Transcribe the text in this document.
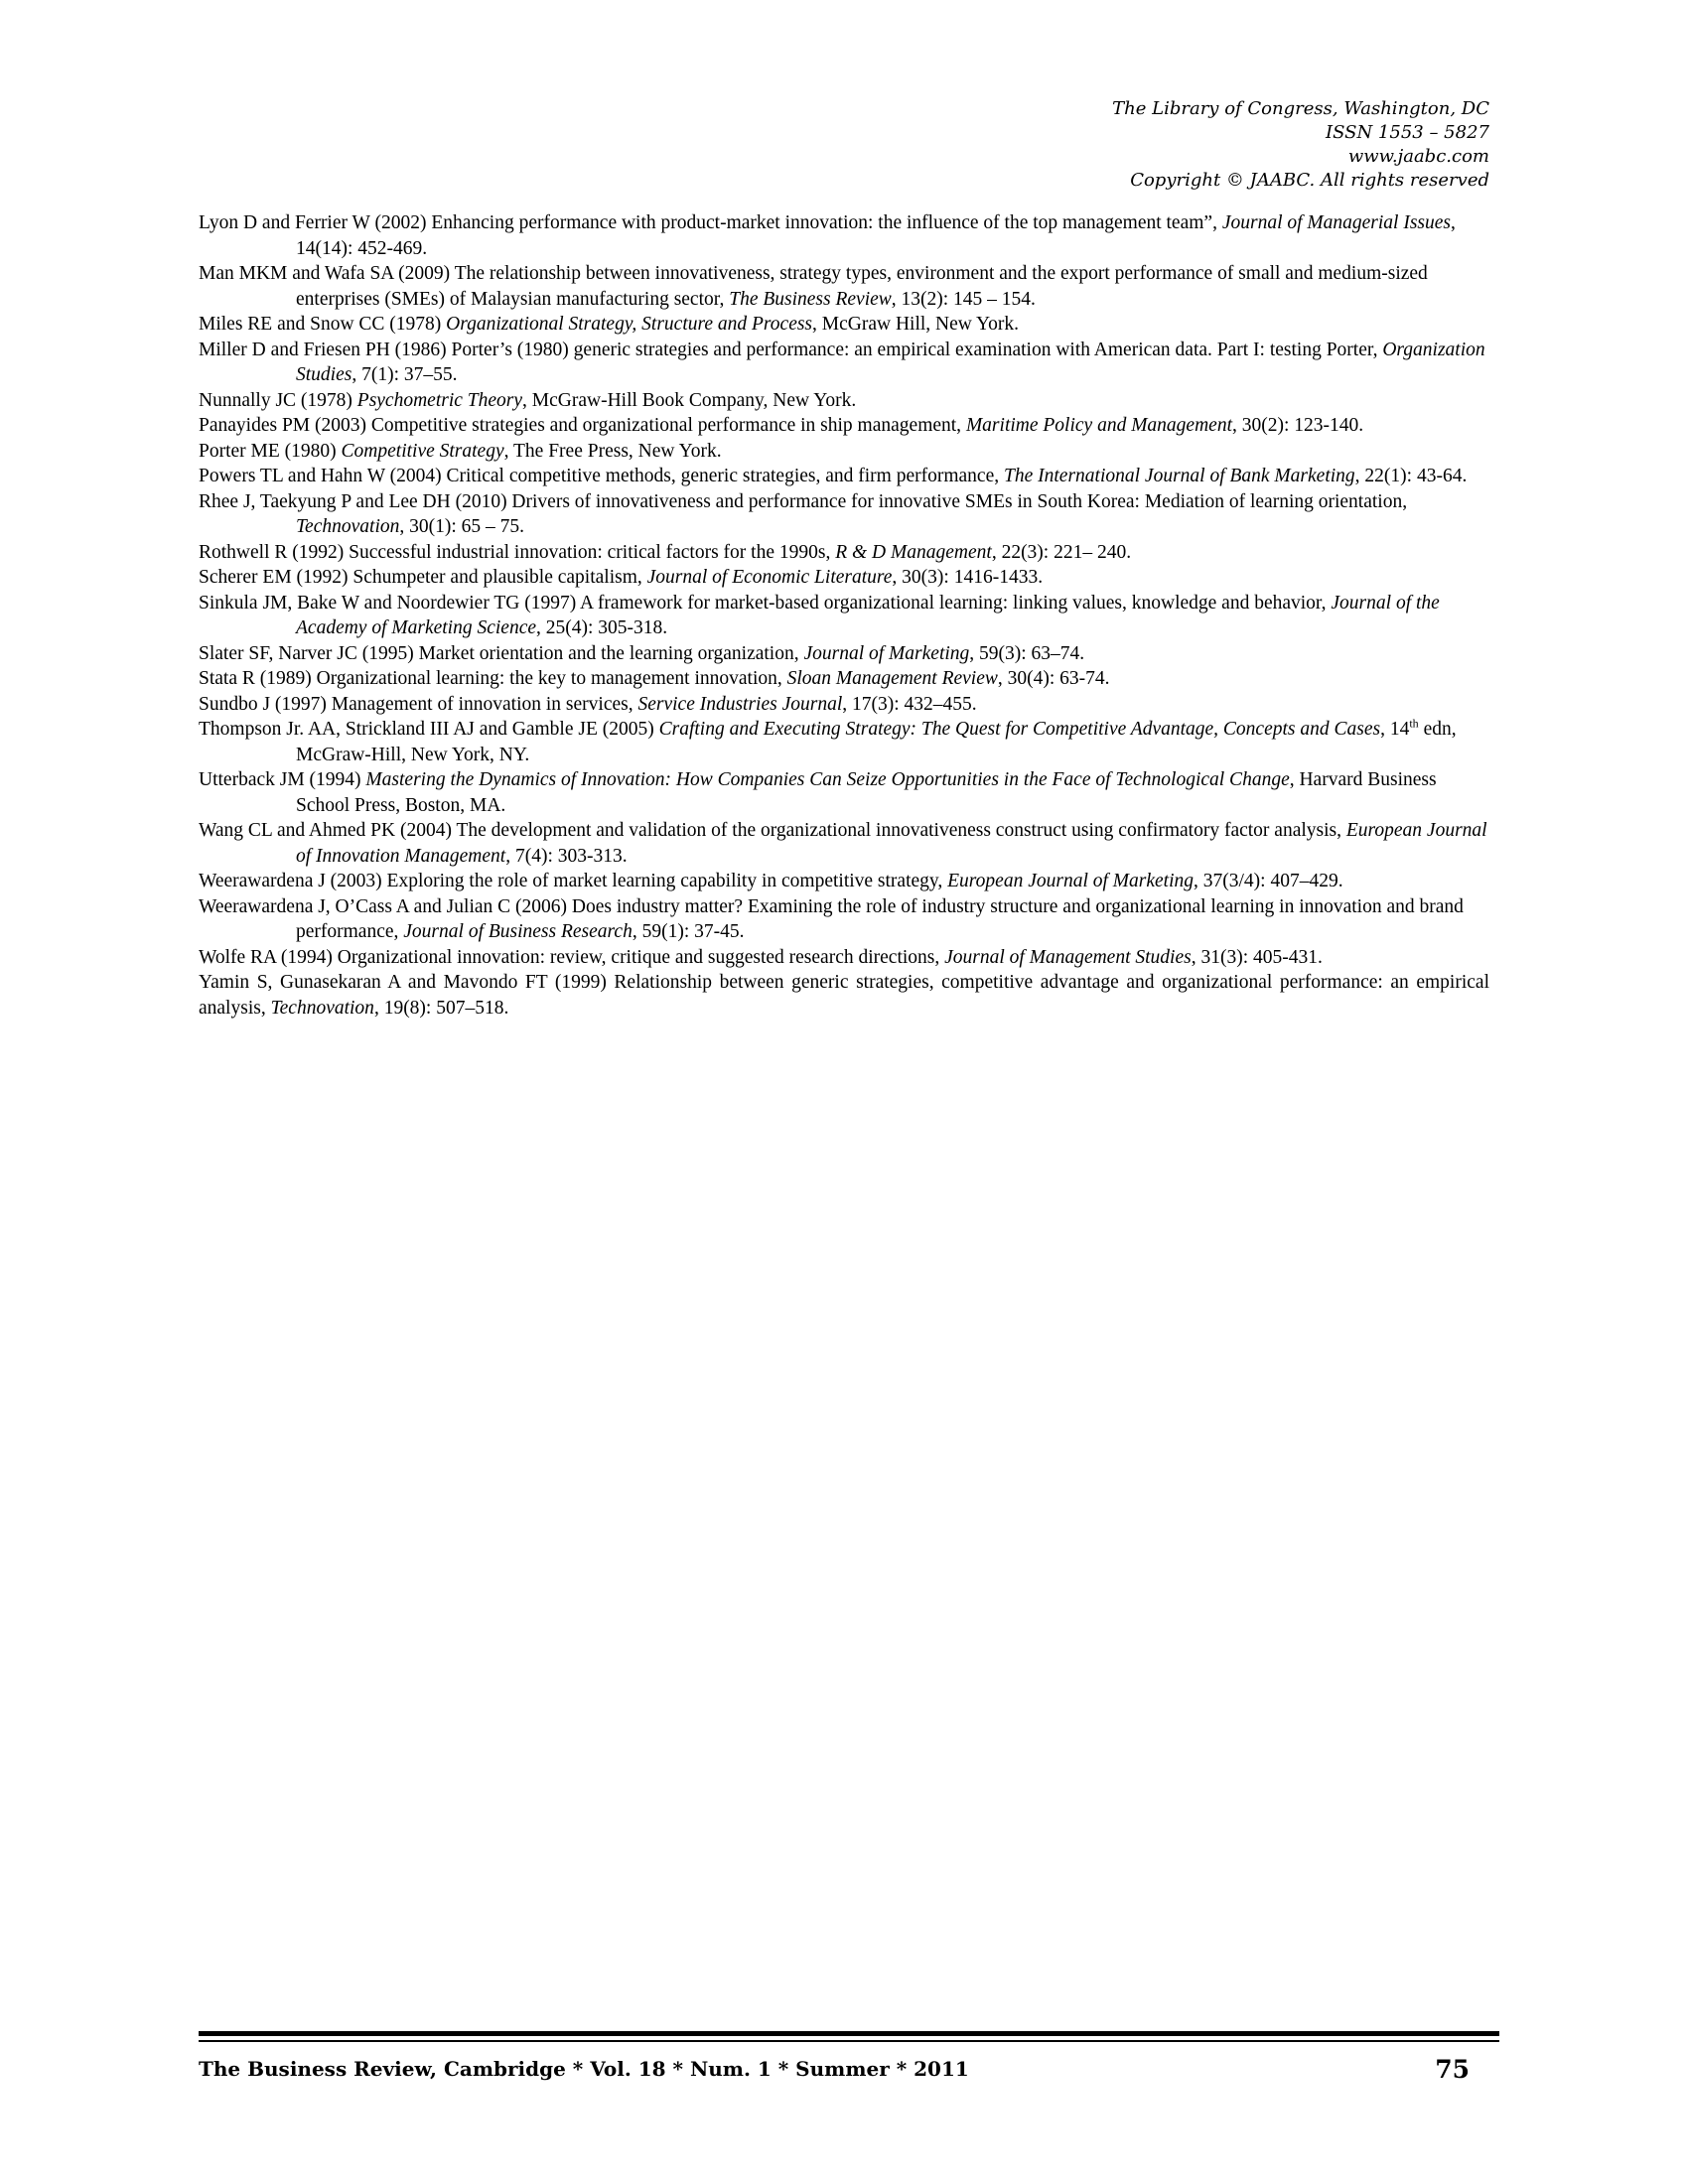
The Library of Congress, Washington, DC
ISSN 1553 – 5827
www.jaabc.com
Copyright © JAABC. All rights reserved
Lyon D and Ferrier W (2002) Enhancing performance with product-market innovation: the influence of the top management team”, Journal of Managerial Issues, 14(14): 452-469.
Man MKM and Wafa SA (2009) The relationship between innovativeness, strategy types, environment and the export performance of small and medium-sized enterprises (SMEs) of Malaysian manufacturing sector, The Business Review, 13(2): 145 – 154.
Miles RE and Snow CC (1978) Organizational Strategy, Structure and Process, McGraw Hill, New York.
Miller D and Friesen PH (1986) Porter’s (1980) generic strategies and performance: an empirical examination with American data. Part I: testing Porter, Organization Studies, 7(1): 37–55.
Nunnally JC (1978) Psychometric Theory, McGraw-Hill Book Company, New York.
Panayides PM (2003) Competitive strategies and organizational performance in ship management, Maritime Policy and Management, 30(2): 123-140.
Porter ME (1980) Competitive Strategy, The Free Press, New York.
Powers TL and Hahn W (2004) Critical competitive methods, generic strategies, and firm performance, The International Journal of Bank Marketing, 22(1): 43-64.
Rhee J, Taekyung P and Lee DH (2010) Drivers of innovativeness and performance for innovative SMEs in South Korea: Mediation of learning orientation, Technovation, 30(1): 65 – 75.
Rothwell R (1992) Successful industrial innovation: critical factors for the 1990s, R & D Management, 22(3): 221– 240.
Scherer EM (1992) Schumpeter and plausible capitalism, Journal of Economic Literature, 30(3): 1416-1433.
Sinkula JM, Bake W and Noordewier TG (1997) A framework for market-based organizational learning: linking values, knowledge and behavior, Journal of the Academy of Marketing Science, 25(4): 305-318.
Slater SF, Narver JC (1995) Market orientation and the learning organization, Journal of Marketing, 59(3): 63–74.
Stata R (1989) Organizational learning: the key to management innovation, Sloan Management Review, 30(4): 63-74.
Sundbo J (1997) Management of innovation in services, Service Industries Journal, 17(3): 432–455.
Thompson Jr. AA, Strickland III AJ and Gamble JE (2005) Crafting and Executing Strategy: The Quest for Competitive Advantage, Concepts and Cases, 14th edn, McGraw-Hill, New York, NY.
Utterback JM (1994) Mastering the Dynamics of Innovation: How Companies Can Seize Opportunities in the Face of Technological Change, Harvard Business School Press, Boston, MA.
Wang CL and Ahmed PK (2004) The development and validation of the organizational innovativeness construct using confirmatory factor analysis, European Journal of Innovation Management, 7(4): 303-313.
Weerawardena J (2003) Exploring the role of market learning capability in competitive strategy, European Journal of Marketing, 37(3/4): 407–429.
Weerawardena J, O’Cass A and Julian C (2006) Does industry matter? Examining the role of industry structure and organizational learning in innovation and brand performance, Journal of Business Research, 59(1): 37-45.
Wolfe RA (1994) Organizational innovation: review, critique and suggested research directions, Journal of Management Studies, 31(3): 405-431.
Yamin S, Gunasekaran A and Mavondo FT (1999) Relationship between generic strategies, competitive advantage and organizational performance: an empirical analysis, Technovation, 19(8): 507–518.
The Business Review, Cambridge * Vol. 18 * Num. 1 * Summer * 2011	75
